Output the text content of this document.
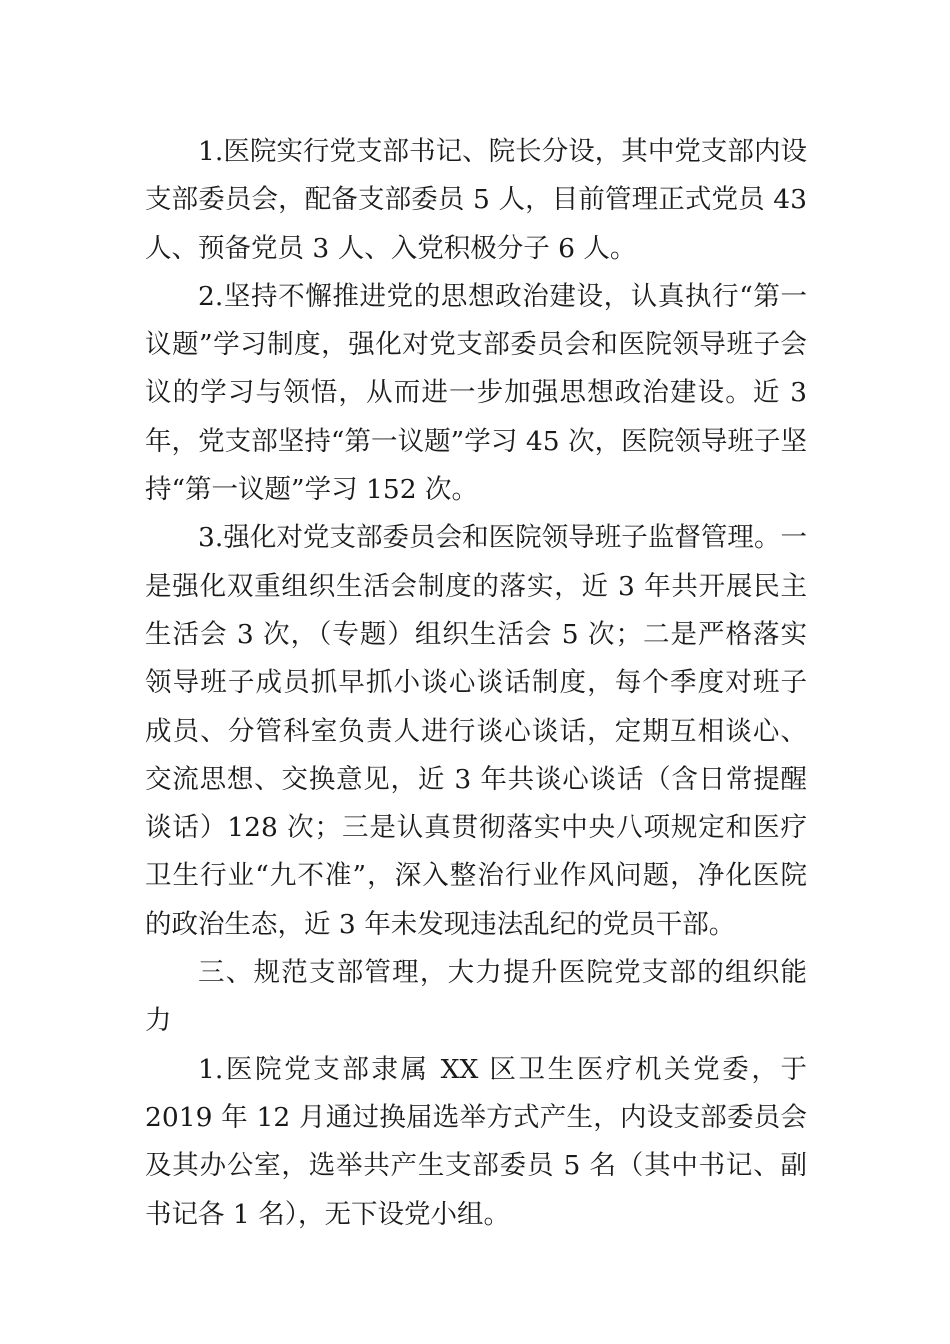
1.医院实行党支部书记、院长分设，其中党支部内设支部委员会，配备支部委员 5 人，目前管理正式党员 43 人、预备党员 3 人、入党积极分子 6 人。

2.坚持不懈推进党的思想政治建设，认真执行“第一议题”学习制度，强化对党支部委员会和医院领导班子会议的学习与领悟，从而进一步加强思想政治建设。近 3 年，党支部坚持“第一议题”学习 45 次，医院领导班子坚持“第一议题”学习 152 次。

3.强化对党支部委员会和医院领导班子监督管理。一是强化双重组织生活会制度的落实，近 3 年共开展民主生活会 3 次，（专题）组织生活会 5 次；二是严格落实领导班子成员抓早抓小谈心谈话制度，每个季度对班子成员、分管科室负责人进行谈心谈话，定期互相谈心、交流思想、交换意见，近 3 年共谈心谈话（含日常提醒谈话）128 次；三是认真贯彻落实中央八项规定和医疗卫生行业“九不准”，深入整治行业作风问题，净化医院的政治生态，近 3 年未发现违法乱纪的党员干部。

三、规范支部管理，大力提升医院党支部的组织能力

1.医院党支部隶属 XX 区卫生医疗机关党委，于 2019 年 12 月通过换届选举方式产生，内设支部委员会及其办公室，选举共产生支部委员 5 名（其中书记、副书记各 1 名），无下设党小组。
